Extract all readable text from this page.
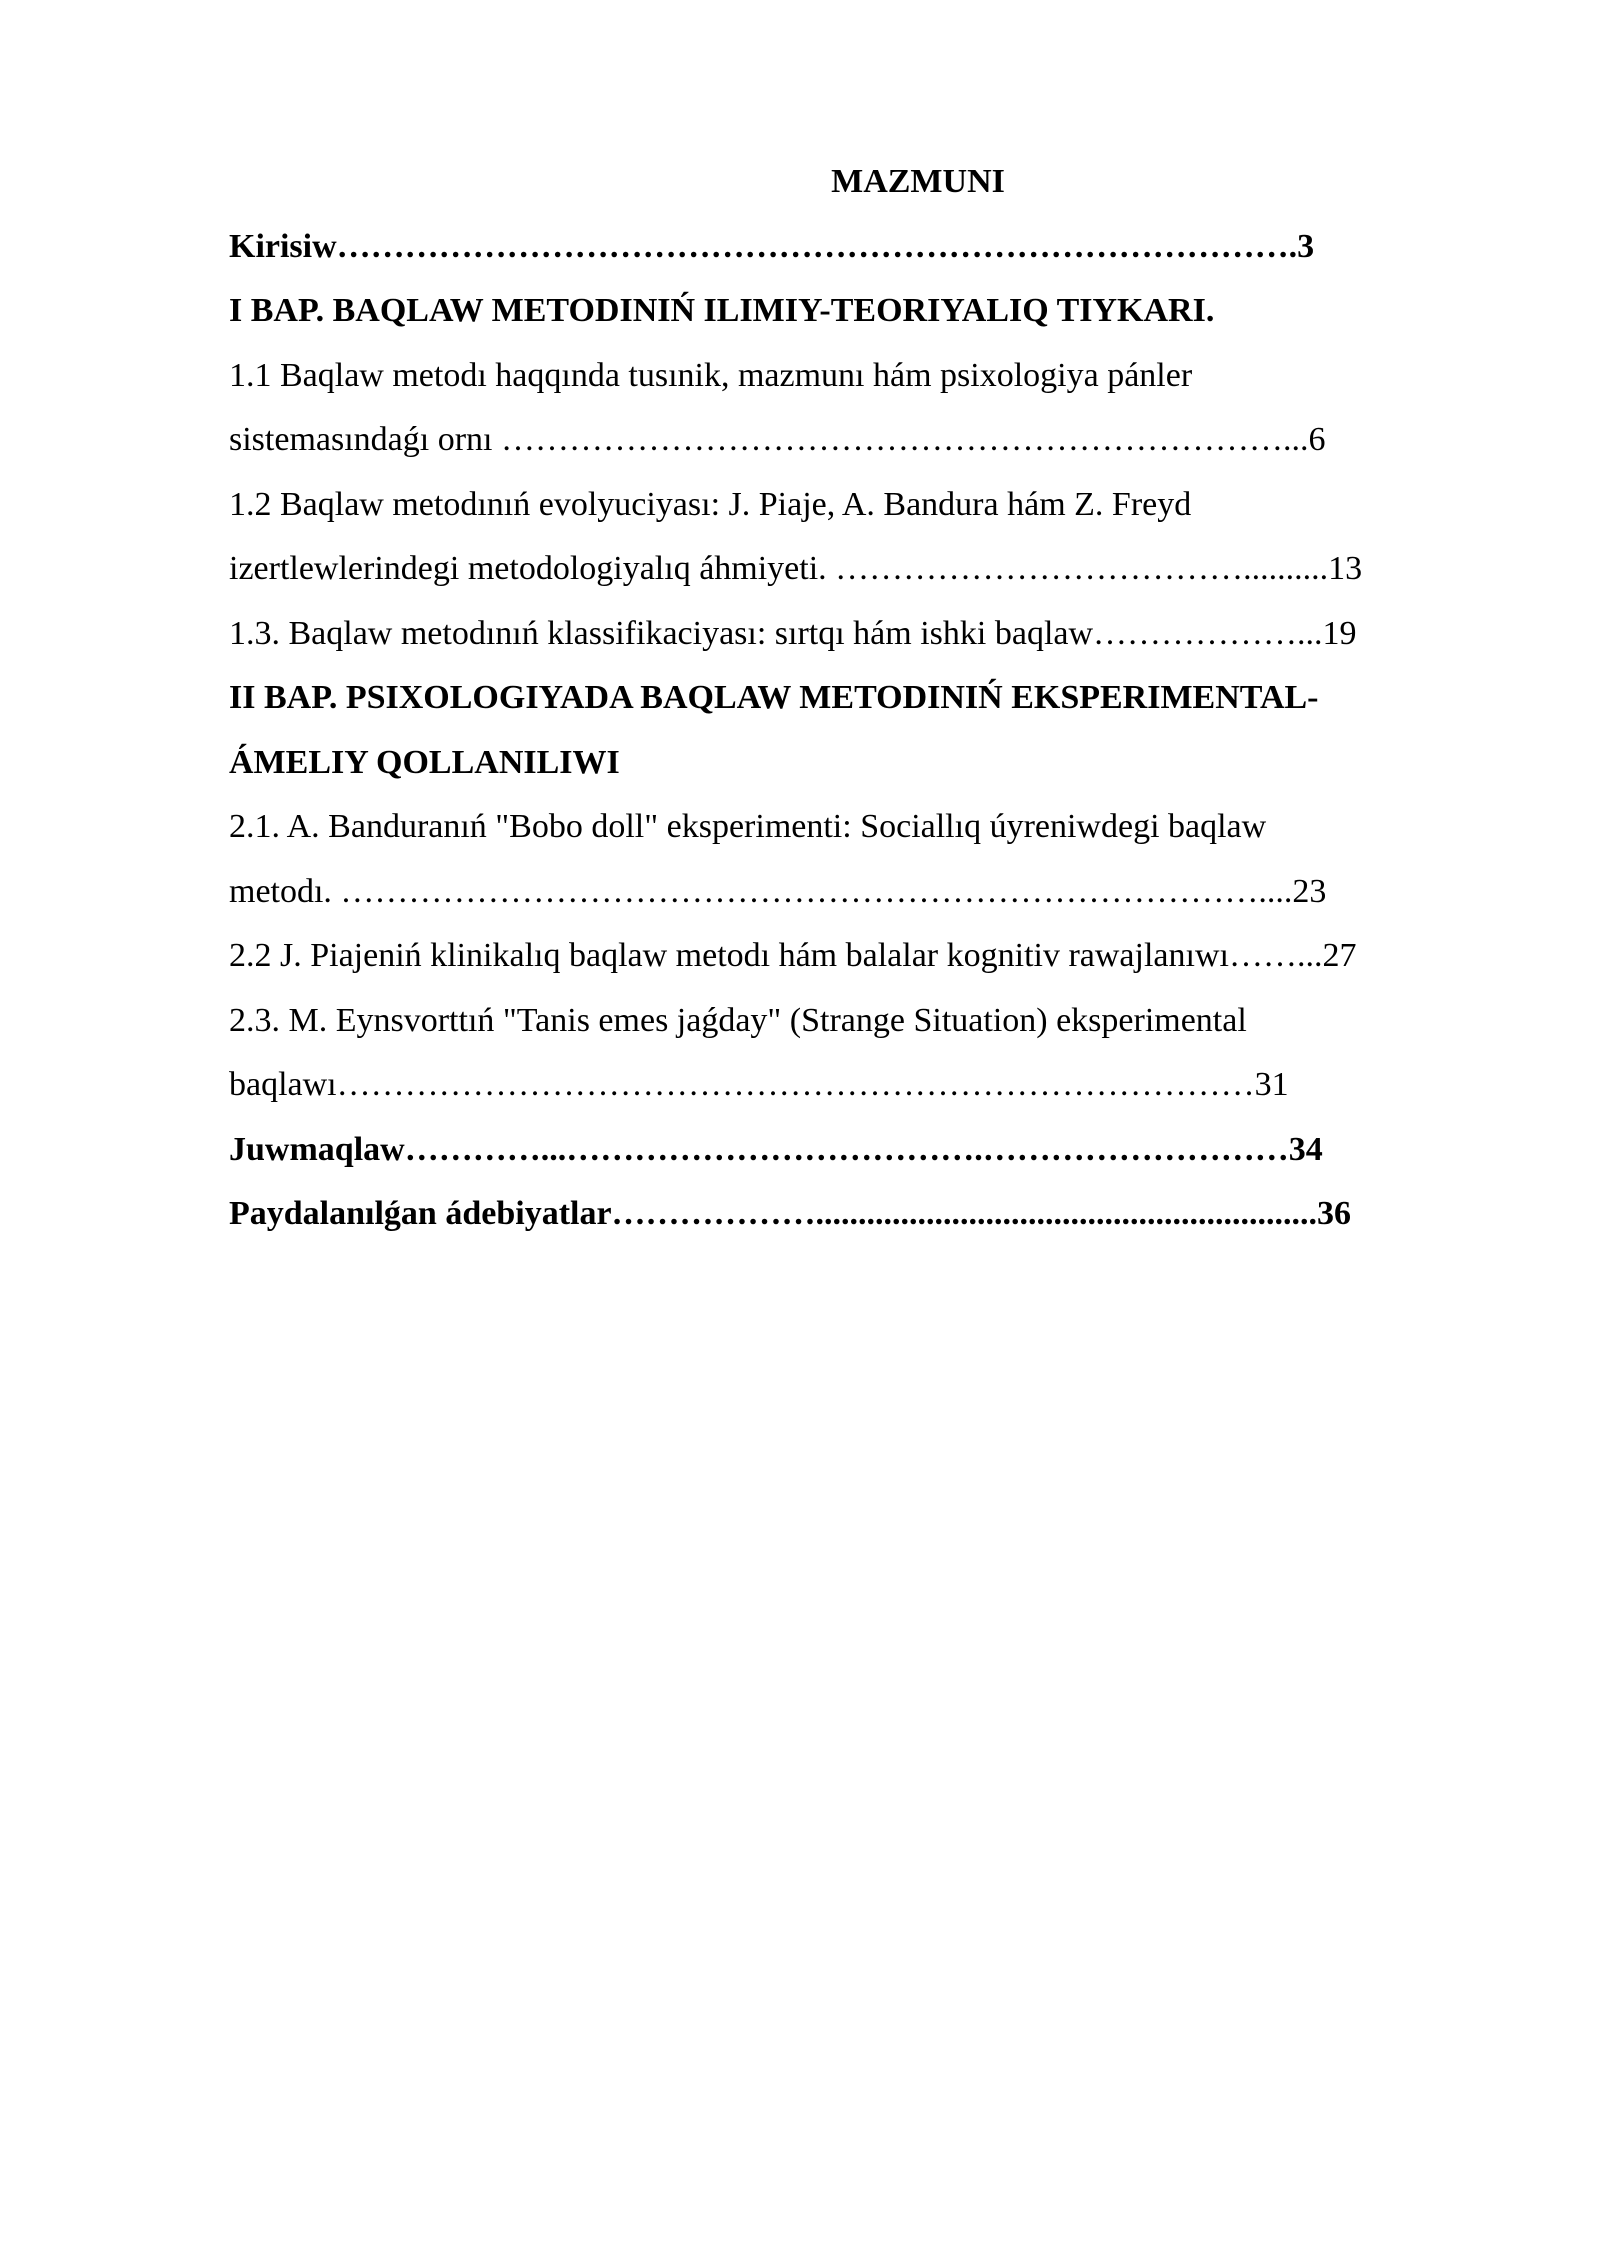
MAZMUNI
Kirisiw………………………………………………………………………….3
I BAP. BAQLAW METODINIŃ ILIMIY-TEORIYALIQ TIYKARI.
1.1 Baqlaw metodı haqqında tusınik, mazmunı hám psixologiya pánler
sistemasındaǵı ornı ……………………………………………………………...6
1.2 Baqlaw metodınıń evolyuciyası: J. Piaje, A. Bandura hám Z. Freyd
izertlewlerindegi metodologiyalıq áhmiyeti. ………………………………..........13
1.3. Baqlaw metodınıń klassifikaciyası: sırtqı hám ishki baqlaw………………...19
II BAP. PSIXOLOGIYADA BAQLAW METODINIŃ EKSPERIMENTAL-
ÁMELIY QOLLANILIWI
2.1. A. Banduranıń "Bobo doll" eksperimenti: Sociallıq úyreniwdegi baqlaw
metodı. ………………………………………………………………………....23
2.2 J. Piajeniń klinikalıq baqlaw metodı hám balalar kognitiv rawajlanıwı……...27
2.3. M. Eynsvorttıń "Tanis emes jaǵday" (Strange Situation) eksperimental
baqlawı………………………………………………………………………31
Juwmaqlaw…………...……………………………….………………………34
Paydalanılǵan ádebiyatlar………………...........................................................36
